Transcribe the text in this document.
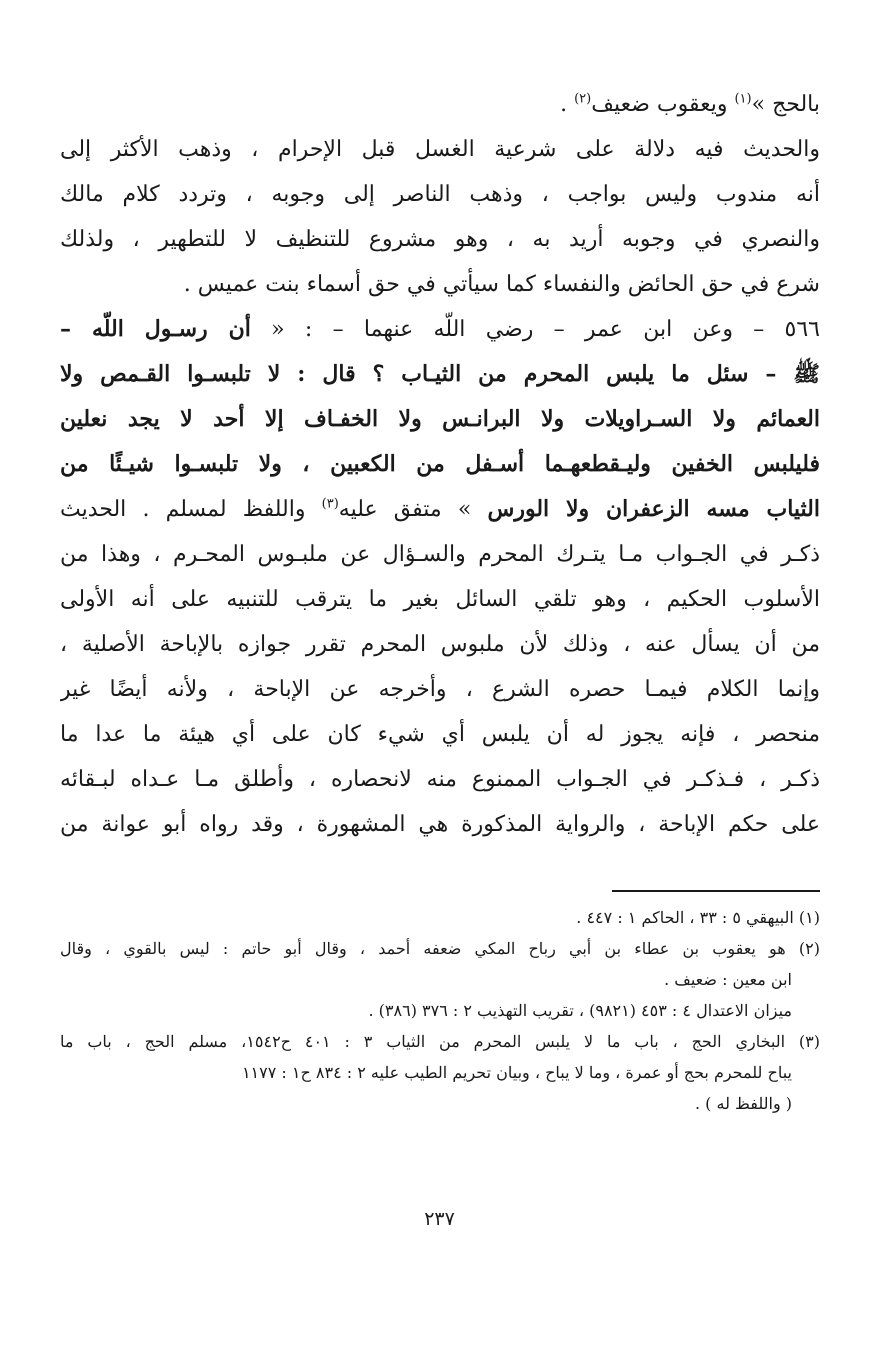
بالحج »$^{(١)}$ ويعقوب ضعيف$^{(٢)}$ .
والحديث فيه دلالة على شرعية الغسل قبل الإحرام ، وذهب الأكثر إلى
أنه مندوب وليس بواجب ، وذهب الناصر إلى وجوبه ، وتردد كلام مالك
والنصري في وجوبه أريد به ، وهو مشروع للتنظيف لا للتطهير ، ولذلك
شرع في حق الحائض والنفساء كما سيأتي في حق أسماء بنت عميس .
٥٦٦ – وعن ابن عمر – رضي اللّه عنهما – : « أن رسـول اللّه –
ﷺ – سئل ما يلبس المحرم من الثيـاب ؟ قال : لا تلبسـوا القـمص ولا
العمائم ولا السـراويلات ولا البرانـس ولا الخفـاف إلا أحد لا يجد نعلين
فليلبس الخفين وليـقطعهـما أسـفل من الكعبين ، ولا تلبسـوا شيـئًا من
الثياب مسه الزعفران ولا الورس » متفق عليه$^{(٣)}$ واللفظ لمسلم . الحديث
ذكـر في الجـواب مـا يتـرك المحرم والسـؤال عن ملبـوس المحـرم ، وهذا من
الأسلوب الحكيم ، وهو تلقي السائل بغير ما يترقب للتنبيه على أنه الأولى
من أن يسأل عنه ، وذلك لأن ملبوس المحرم تقرر جوازه بالإباحة الأصلية ،
وإنما الكلام فيمـا حصره الشرع ، وأخرجه عن الإباحة ، ولأنه أيضًا غير
منحصر ، فإنه يجوز له أن يلبس أي شيء كان على أي هيئة ما عدا ما
ذكـر ، فـذكـر في الجـواب الممنوع منه لانحصاره ، وأطلق مـا عـداه لبـقائه
على حكم الإباحة ، والرواية المذكورة هي المشهورة ، وقد رواه أبو عوانة من
(١) البيهقي ٥ : ٣٣ ، الحاكم ١ : ٤٤٧ .
(٢) هو يعقوب بن عطاء بن أبي رباح المكي ضعفه أحمد ، وقال أبو حاتم : ليس بالقوي ، وقال
ابن معين : ضعيف .
ميزان الاعتدال ٤ : ٤٥٣ (٩٨٢١) ، تقريب التهذيب ٢ : ٣٧٦ (٣٨٦) .
(٣) البخاري الحج ، باب ما لا يلبس المحرم من الثياب ٣ : ٤٠١ ح١٥٤٢، مسلم الحج ، باب ما
يباح للمحرم بحج أو عمرة ، وما لا يباح ، وبيان تحريم الطيب عليه ٢ : ٨٣٤ ح١ : ١١٧٧
( واللفظ له ) .
٢٣٧
